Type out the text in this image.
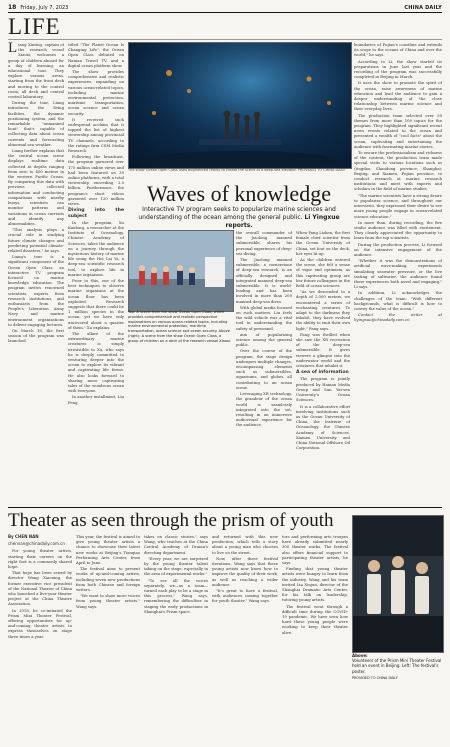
18 Friday, July 7, 2023	CHINA DAILY
LIFE
L iang Xinting, captain of the research vessel Xiaoxi, welcomes a group of children aboard for a day of learning, an educational tour. They explore various areas, starting from the front deck and moving to the control room, all deck and central control laboratory.

During the tour, Liang introduces the living facilities, the dynamic positioning system, and the remarkable "unmanned boat" that's capable of collecting data about ocean currents and forecasting abnormal sea weather.

Liang further explains that the central ocean scene displays realtime data collected at depths ranging from zero to 400 meters in the western Pacific Ocean. By comparing this data with previous collected information and conducting comparisons with nearby buoys, scientists can monitor patterns and variations in ocean currents and identify any abnormalities.

"This analysis plays a crucial role in studying future climate changes and predicting potential climate-related disasters," he says.

Liang's tour is a significant component of the Ocean Open Class, an interactive TV program focused on marine knowledge education. The program invites renowned scientists, experts from research institutions, and enthusiasts from the People's Liberation Army Navy and marine environment organizations to deliver engaging lectures.

On March 18, the first season of the program was launched.

titled "The Planet Ocean Is Changing Life", the Ocean Open Class debuted on Hainan Travel TV, and a digital ocean platform show.

The show provides comprehensive and realistic experiences, expanding on various ocean-related topics, including marine environmental protection, maritime transportation, ocean science and ocean security.

It received such widespread acclaim that it topped the list of highest viewership among provincial TV channels, according to the ratings firm CSM Media Research.

Following the broadcast, the program garnered over 170 million online views and had been featured on 30 online platforms, with a total viewership exceeding 2.5 billion. Furthermore, the program's short videos garnered over 120 million views.

Diving into the subject

In the program, Xu Kuidong, a researcher at the Institute of Oceanology, Chinese Academy of Sciences, takes the audience on a journey through the mysterious history of marine life using the Hoi Cai Ya, a deep-sea scientific research tool, to explore life in marine organisms.

Prior to this, one of the best techniques to observe marine organisms at the ocean floor has been exploited. Research suggests that there could be 1 million species in the ocean, yet we have only uncovered about a quarter of them," Xu explains.

The allure of the extraordinary marine creatures is simply irresistible to Xu, who says he is deeply committed to venturing deeper into the ocean to explore its vibrant and captivating life forms. He also looks forward to sharing more captivating tales of the wondrous ocean with everyone.

In another installment, Liu Feng

The show Ocean Open Class uses augmented reality to create the scene of a deep-sea elevator. PROVIDED TO CHINA DAILY
Waves of knowledge
Interactive TV program seeks to popularize marine sciences and understanding of the ocean among the general public. Li Yingxue reports.
Top: A scene from the show Ocean Open Class, which provides comprehensive and realistic perspective explanations on various ocean-related topics, including marine environmental protection, maritime transportation, ocean science and ocean security. Above (right): A scene from the show Ocean Open Class, a group of children on a deck of the research vessel Xiaoxi.

the overall commander of the Jiaolong manned submersible, shares his personal experience of deep-sea diving.

The Jiaolong manned submersible, a cornerstone of deep-sea research, is an officially designed and integrated manned deep-sea submersible. It is world-leading and has been involved in more than 200 manned deep-sea dives.

With global media focused on such matters, Liu feels the wild vehicle was a vital tool in understanding the safety of personnel.

aim of popularizing science among the general public.

Over the course of the program, the stage design undergoes multiple changes, encompassing elements such as submersibles, aquariums, and globes, all contributing to an ocean scene.

Leveraging XR technology, the grandeur of the ocean world is seamlessly integrated into the set, resulting in an immersive audiovisual experience for the audience.

When Fang Lizhen, the first female chief scientist from the Ocean University of China, set foot on the deck, her eyes lit up.

As the children entered the scene, she felt a sense of vigor and optimism, as this captivating group are her future colleagues in the field of ocean sciences.

"As we descended to a depth of 1,000 meters, we encountered a series of enchanting creatures. To adapt to the darkness they inhabit, they have evolved the ability to emit their own light," Fang says.

Fang was thrilled when she saw the XR recreation of the deep-sea submersible. It gives viewers a glimpse into the underwater world and the creatures that inhabit it.

A sea of information

The program is jointly produced by Hainan Media Group and Sun Yat-sen University's Ocean Sciences.

It is a collaborative effort involving institutions such as the Ocean University of China, the Institute of Oceanology, the Chinese Academy of Sciences, Xiamen University and China National Offshore Oil Corporation.

boundaries of Fujian's coastline and extends its scope to the oceans of China and over the world," he says.

According to Li, the show started its preparations in June last year and the recording of the program was successfully completed in Beijing in March.

It uses the show to promote the spirit of the ocean, raise awareness of marine education and lead the audience to gain a deeper understanding of the close relationship between marine science and their everyday lives.

The production team selected over 50 themes from more than 100 topics for the program. They highlighted significant recent news events related to the ocean and presented a wealth of "cool facts" about the ocean, captivating and entertaining the audience with fascinating marine stories.

To ensure the professionalism and richness of the content, the production team made special visits to various locations such as Qingdao, Shandong province; Shanghai; Beijing, and Xiamen, Fujian province, to conduct research at marine research institutions and meet with experts and scholars in the field of marine studies.

"The marine scientists have a strong desire to popularize science, and throughout our interviews, they expressed their desire to see more young people engage in ocean-related science education."

In more than, during recording, the five studio audience was filled with excitement. They clearly appreciated the opportunity to learn from the top scientists.

During the production process, Li focused on the intensive engagement of the audience.

"Whether it was the demonstrations of artificial wave-making, experiments simulating seawater pressure, or the live tasting of saltwater, the audience found these experiences both novel and engaging," Li says.

In addition, Li acknowledges the challenges of the team: "With different backgrounds, what is difficult is how to convey the value of the ocean."

Contact the writer at liyingxue@chinadaily.com.cn

Theater as seen through the prism of youth
By CHEN NAN
chennan@chinadaily.com.cn

For young theater artists, starting their careers on the right foot is a commonly shared hope.

That hope has been seized by director Wang Xiaoning, the former executive vice president of the National Theater of China who launched a five-year theater project at the China Theatre Association.

In 2018, he co-initiated the Prism Mini Theater Festival, offering opportunities for up-and-coming theater artists to express themselves on stage three times a year.

This year, the festival is aimed to give young theater artists a chance to showcase their latest new works at Beijing's Tianqiao Performing Arts Center, from April to June.

The festival aims to present works of up-and-coming artists, including seven new productions from both Chinese and foreign writers.

"We want to show more voices from young theater artists," Wang says.

takes on classic stories," says Wang, who teaches at the China Central Academy of Drama's directing department.

"Every year, we are surprised by the young theater talent taking on the stage, especially in the area of experimental works."

"To see all the voices separately, we—as a team—turned each play to be a stage in this process," Wang says, remembering the difficulties in staging the early productions in Shanghai's Prism space.

and returned with this new production, which tells a story about a young man who chooses to live on the street.

Now, after three festival iterations, Wang says that these young artists now know how to improve the quality of their work, as well as reaching a wider audience.

"It's great to have a festival, with audiences coming together for youth theater," Wang says.

tors and performing arts troupes have already submitted nearly 300 theater works. The festival also offers financial support to participating theater artists, he says.

Finding that young theater artists were hungry to learn from the industry, Wang and his team invited Liu Xinjun, director of the Shanghai Dramatic Arts Center, for his talk on leadership, tutoring young artists.

The festival went through a difficult time during the COVID-19 pandemic. We have seen how hard these young people were working to keep their theater alive.

Above:
Volunteers of the Prism Mini Theater Festival hold an event in Beijing. Left: The festival's poster.
PROVIDED TO CHINA DAILY
